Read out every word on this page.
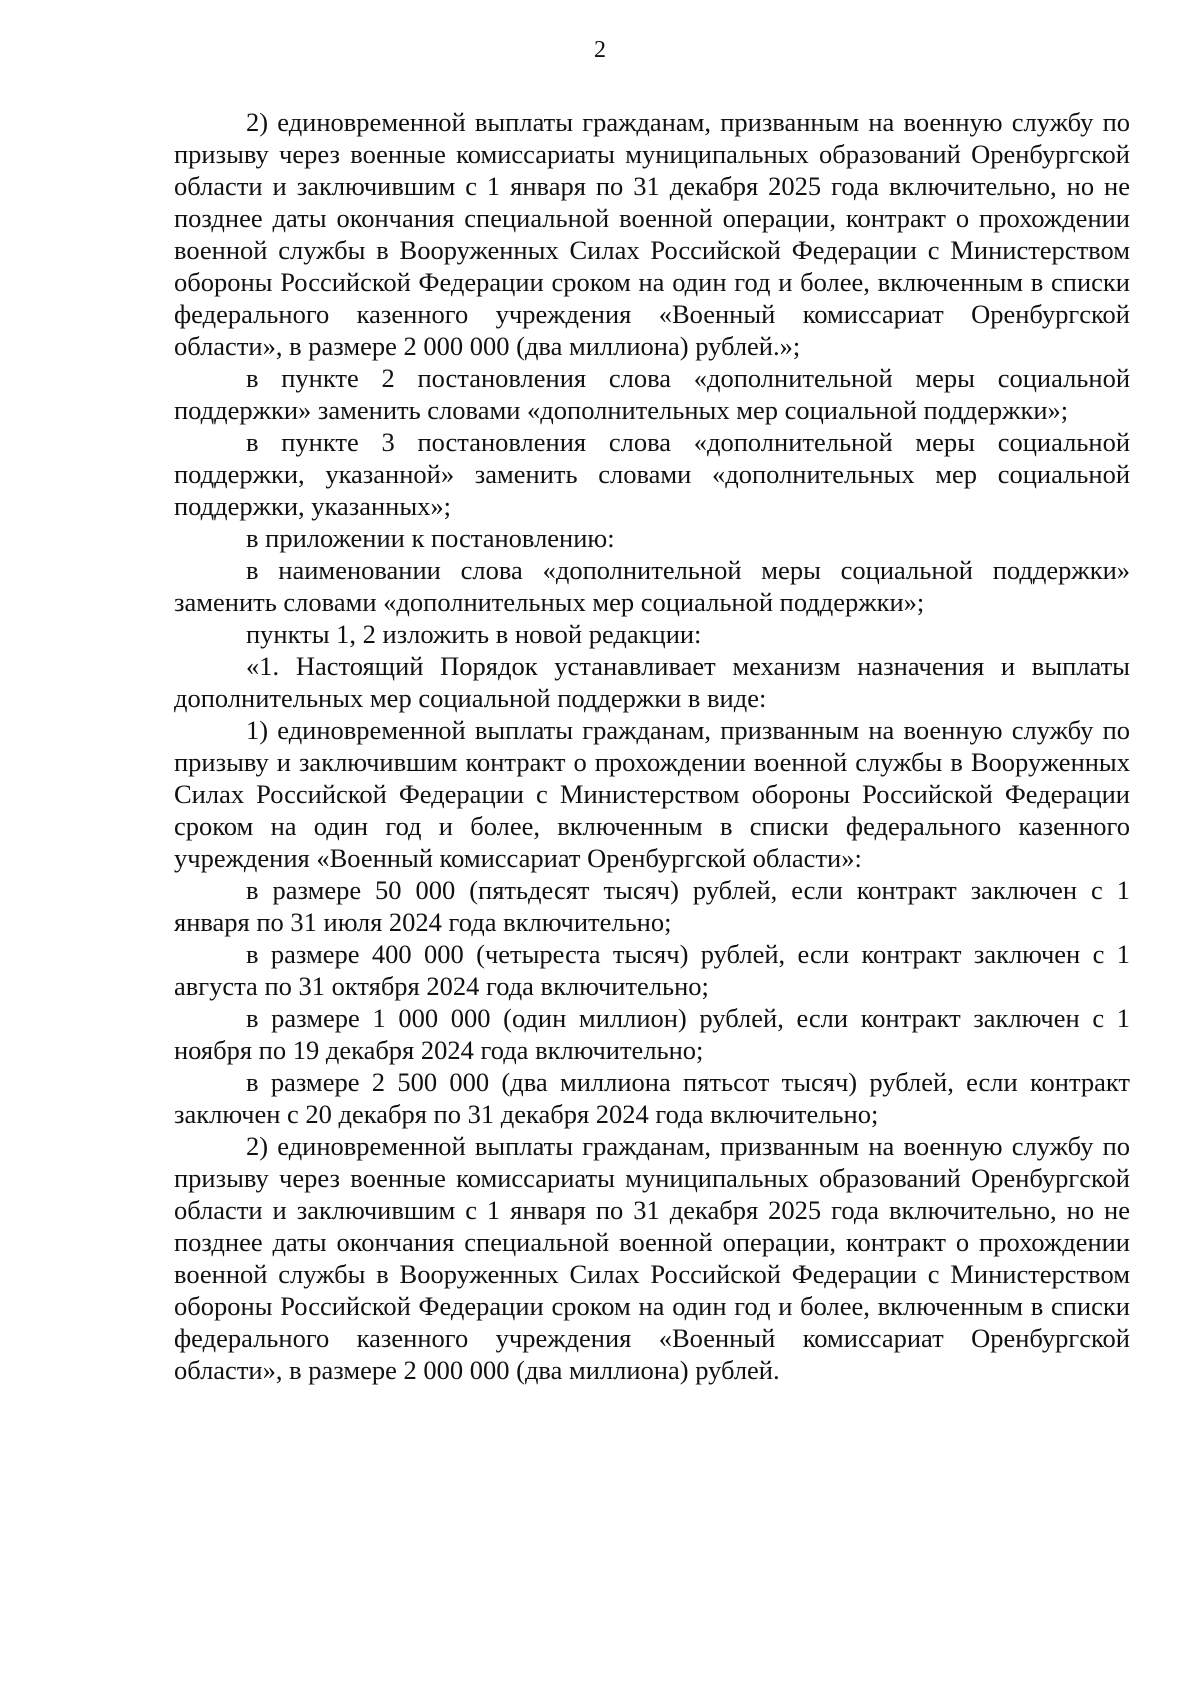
2

2) единовременной выплаты гражданам, призванным на военную службу по призыву через военные комиссариаты муниципальных образований Оренбургской области и заключившим с 1 января по 31 декабря 2025 года включительно, но не позднее даты окончания специальной военной операции, контракт о прохождении военной службы в Вооруженных Силах Российской Федерации с Министерством обороны Российской Федерации сроком на один год и более, включенным в списки федерального казенного учреждения «Военный комиссариат Оренбургской области», в размере 2 000 000 (два миллиона) рублей.»;

в пункте 2 постановления слова «дополнительной меры социальной поддержки» заменить словами «дополнительных мер социальной поддержки»;

в пункте 3 постановления слова «дополнительной меры социальной поддержки, указанной» заменить словами «дополнительных мер социальной поддержки, указанных»;

в приложении к постановлению:

в наименовании слова «дополнительной меры социальной поддержки» заменить словами «дополнительных мер социальной поддержки»;

пункты 1, 2 изложить в новой редакции:

«1. Настоящий Порядок устанавливает механизм назначения и выплаты дополнительных мер социальной поддержки в виде:

1) единовременной выплаты гражданам, призванным на военную службу по призыву и заключившим контракт о прохождении военной службы в Вооруженных Силах Российской Федерации с Министерством обороны Российской Федерации сроком на один год и более, включенным в списки федерального казенного учреждения «Военный комиссариат Оренбургской области»:

в размере 50 000 (пятьдесят тысяч) рублей, если контракт заключен с 1 января по 31 июля 2024 года включительно;

в размере 400 000 (четыреста тысяч) рублей, если контракт заключен с 1 августа по 31 октября 2024 года включительно;

в размере 1 000 000 (один миллион) рублей, если контракт заключен с 1 ноября по 19 декабря 2024 года включительно;

в размере 2 500 000 (два миллиона пятьсот тысяч) рублей, если контракт заключен с 20 декабря по 31 декабря 2024 года включительно;

2) единовременной выплаты гражданам, призванным на военную службу по призыву через военные комиссариаты муниципальных образований Оренбургской области и заключившим с 1 января по 31 декабря 2025 года включительно, но не позднее даты окончания специальной военной операции, контракт о прохождении военной службы в Вооруженных Силах Российской Федерации с Министерством обороны Российской Федерации сроком на один год и более, включенным в списки федерального казенного учреждения «Военный комиссариат Оренбургской области», в размере 2 000 000 (два миллиона) рублей.
